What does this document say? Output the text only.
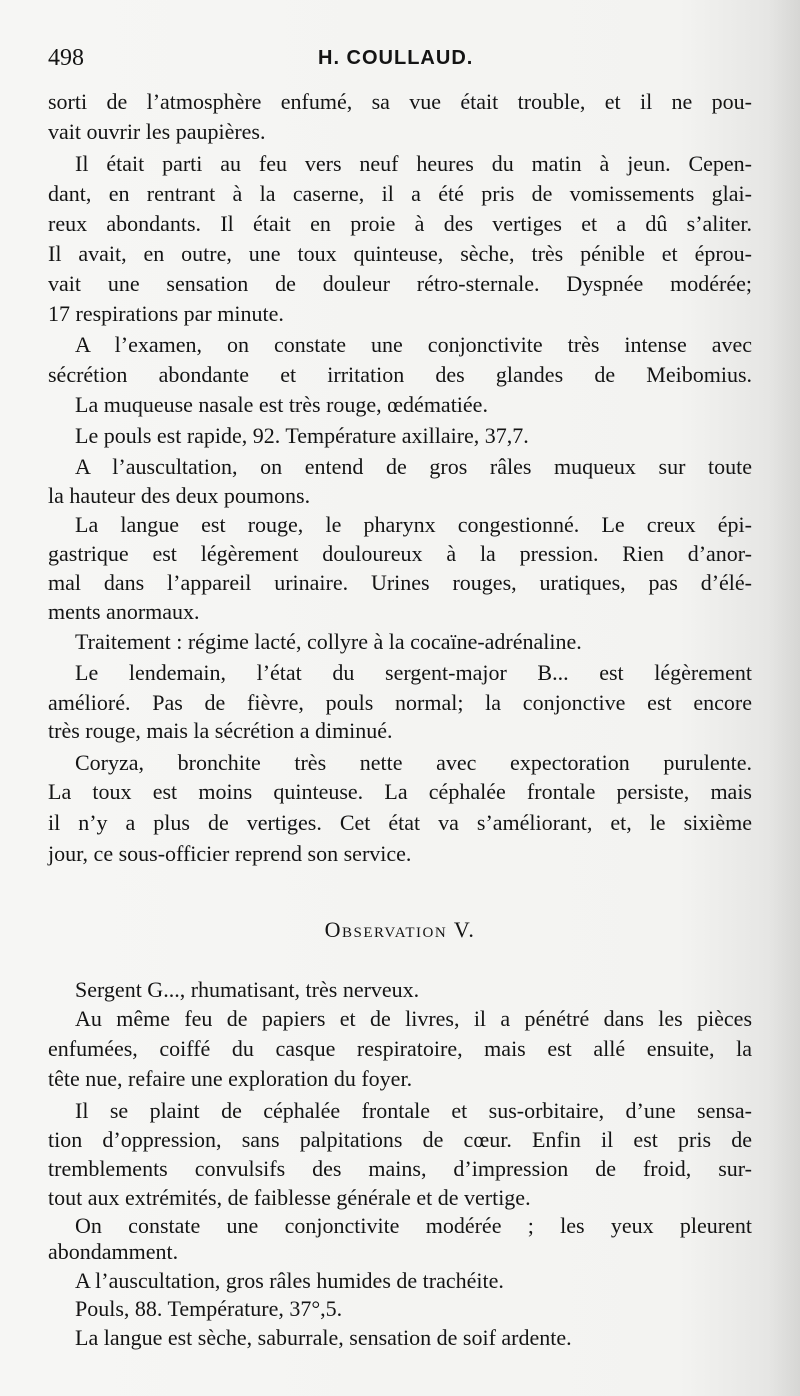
498	H. COULLAUD.
sorti de l’atmosphère enfumé, sa vue était trouble, et il ne pou-
vait ouvrir les paupières.
Il était parti au feu vers neuf heures du matin à jeun. Cepen-
dant, en rentrant à la caserne, il a été pris de vomissements glai-
reux abondants. Il était en proie à des vertiges et a dû s’aliter.
Il avait, en outre, une toux quinteuse, sèche, très pénible et éprou-
vait une sensation de douleur rétro-sternale. Dyspnée modérée;
17 respirations par minute.
A l’examen, on constate une conjonctivite très intense avec
sécrétion abondante et irritation des glandes de Meibomius.
La muqueuse nasale est très rouge, œdématiée.
Le pouls est rapide, 92. Température axillaire, 37,7.
A l’auscultation, on entend de gros râles muqueux sur toute
la hauteur des deux poumons.
La langue est rouge, le pharynx congestionné. Le creux épi-
gastrique est légèrement douloureux à la pression. Rien d’anor-
mal dans l’appareil urinaire. Urines rouges, uratiques, pas d’élé-
ments anormaux.
Traitement : régime lacté, collyre à la cocaïne-adrénaline.
Le lendemain, l’état du sergent-major B... est légèrement
amélioré. Pas de fièvre, pouls normal; la conjonctive est encore
très rouge, mais la sécrétion a diminué.
Coryza, bronchite très nette avec expectoration purulente.
La toux est moins quinteuse. La céphalée frontale persiste, mais
il n’y a plus de vertiges. Cet état va s’améliorant, et, le sixième
jour, ce sous-officier reprend son service.
Observation V.
Sergent G..., rhumatisant, très nerveux.
Au même feu de papiers et de livres, il a pénétré dans les pièces
enfumées, coiffé du casque respiratoire, mais est allé ensuite, la
tête nue, refaire une exploration du foyer.
Il se plaint de céphalée frontale et sus-orbitaire, d’une sensa-
tion d’oppression, sans palpitations de cœur. Enfin il est pris de
tremblements convulsifs des mains, d’impression de froid, sur-
tout aux extrémités, de faiblesse générale et de vertige.
On constate une conjonctivite modérée ; les yeux pleurent
abondamment.
A l’auscultation, gros râles humides de trachéite.
Pouls, 88. Température, 37°,5.
La langue est sèche, saburrale, sensation de soif ardente.
